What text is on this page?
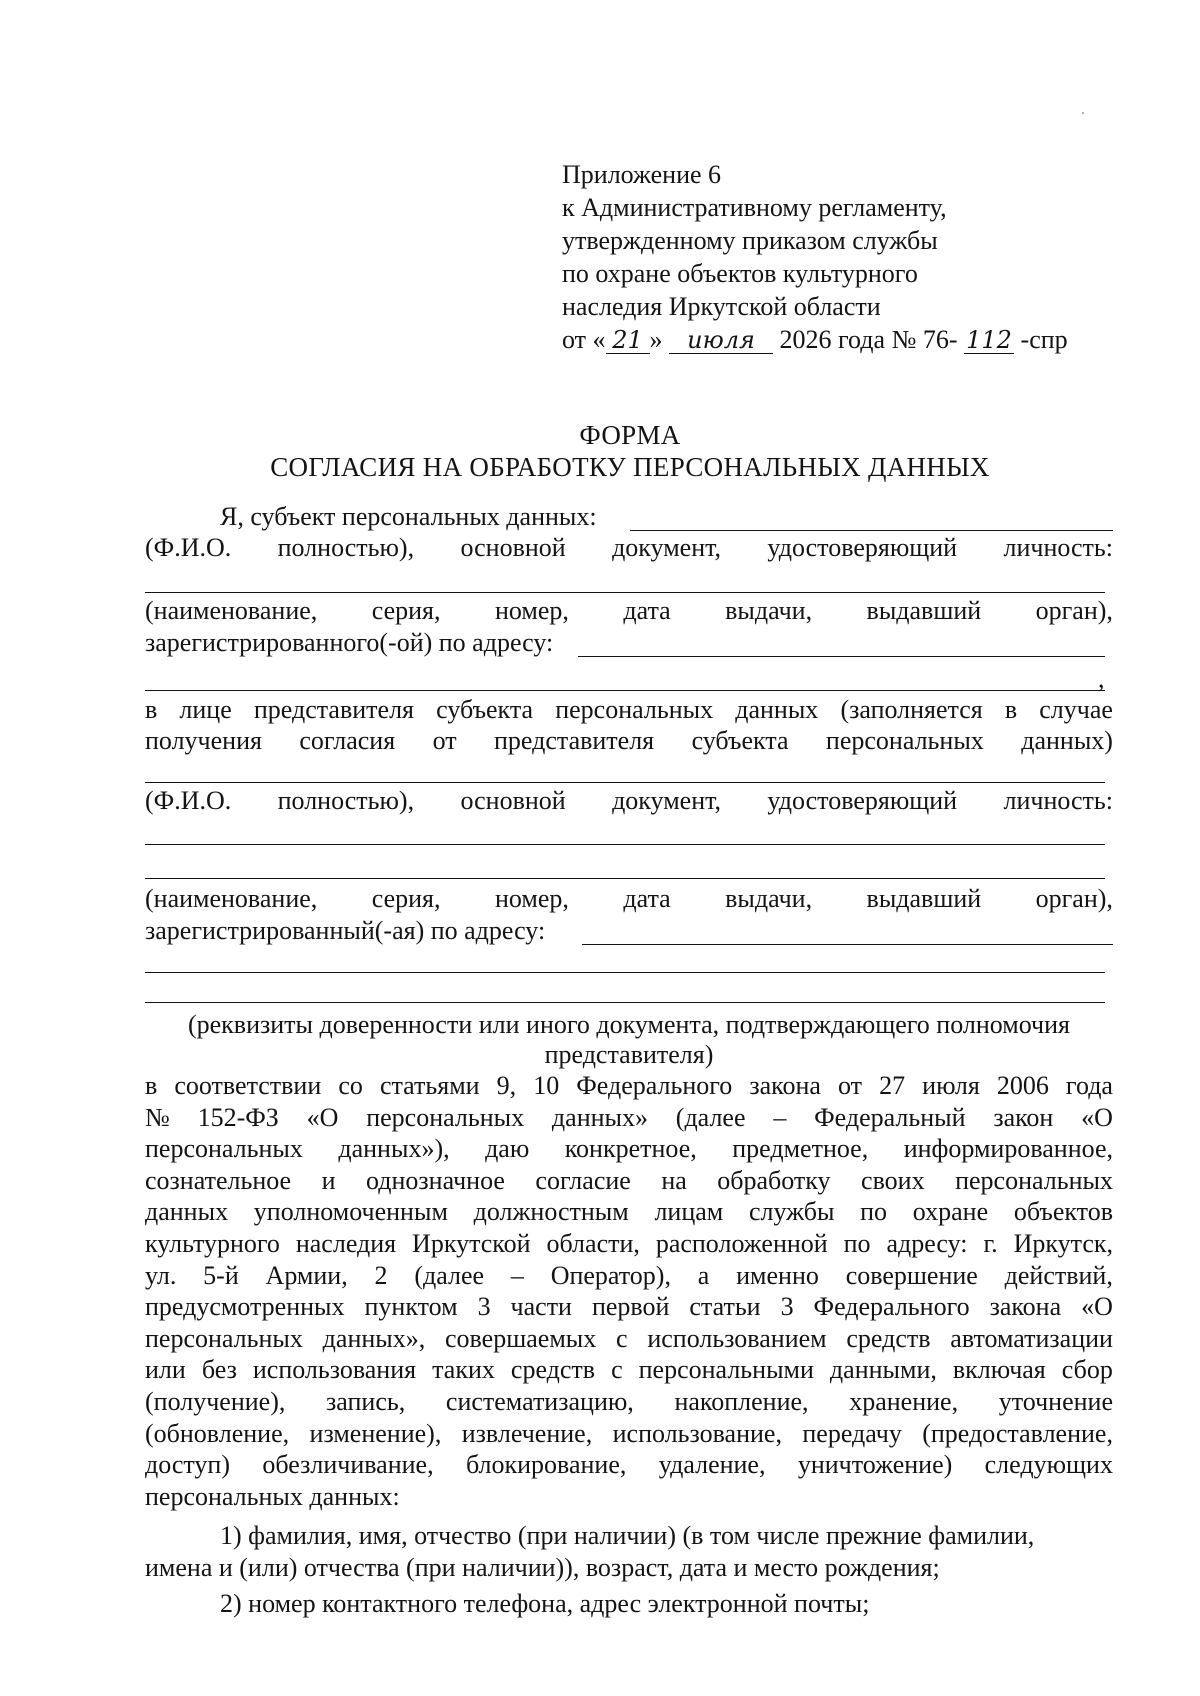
Приложение 6
к Административному регламенту,
утвержденному приказом службы
по охране объектов культурного
наследия Иркутской области
от « 21 » июля 2026 года № 76- 112 -спр
ФОРМА
СОГЛАСИЯ НА ОБРАБОТКУ ПЕРСОНАЛЬНЫХ ДАННЫХ
Я, субъект персональных данных:
(Ф.И.О. полностью), основной документ, удостоверяющий личность:
(наименование, серия, номер, дата выдачи, выдавший орган),
зарегистрированного(-ой) по адресу:
,
в лице представителя субъекта персональных данных (заполняется в случае
получения согласия от представителя субъекта персональных данных)
(Ф.И.О. полностью), основной документ, удостоверяющий личность:
(наименование, серия, номер, дата выдачи, выдавший орган),
зарегистрированный(-ая) по адресу:
(реквизиты доверенности или иного документа, подтверждающего полномочия
представителя)
в соответствии со статьями 9, 10 Федерального закона от 27 июля 2006 года
№ 152-ФЗ «О персональных данных» (далее – Федеральный закон «О
персональных данных»), даю конкретное, предметное, информированное,
сознательное и однозначное согласие на обработку своих персональных
данных уполномоченным должностным лицам службы по охране объектов
культурного наследия Иркутской области, расположенной по адресу: г. Иркутск,
ул. 5-й Армии, 2 (далее – Оператор), а именно совершение действий,
предусмотренных пунктом 3 части первой статьи 3 Федерального закона «О
персональных данных», совершаемых с использованием средств автоматизации
или без использования таких средств с персональными данными, включая сбор
(получение), запись, систематизацию, накопление, хранение, уточнение
(обновление, изменение), извлечение, использование, передачу (предоставление,
доступ) обезличивание, блокирование, удаление, уничтожение) следующих
персональных данных:
1) фамилия, имя, отчество (при наличии) (в том числе прежние фамилии,
имена и (или) отчества (при наличии)), возраст, дата и место рождения;
2) номер контактного телефона, адрес электронной почты;
